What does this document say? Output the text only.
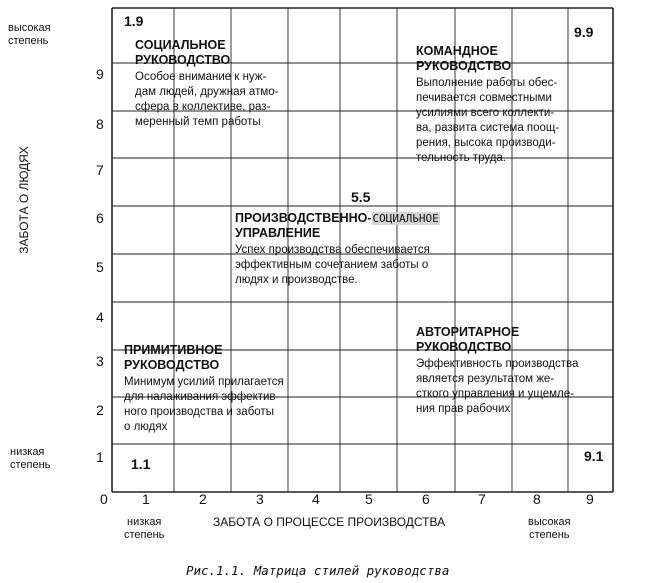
высокая
степень
ЗАБОТА О ЛЮДЯХ
низкая
степень
9
8
7
6
5
4
3
2
1
1	2	3	4	5	6	7	8	9
0
низкая
степень
ЗАБОТА О ПРОЦЕССЕ ПРОИЗВОДСТВА	высокая
степень
1.9
9.9
5.5
1.1	9.1
СОЦИАЛЬНОЕ
РУКОВОДСТВО
Особое внимание к нуж-
дам людей, дружная атмо-
сфера в коллективе, раз-
меренный темп работы
КОМАНДНОЕ
РУКОВОДСТВО
Выполнение работы обес-
печивается совместными
усилиями всего коллекти-
ва, развита система поощ-
рения, высока производи-
тельность труда.
ПРОИЗВОДСТВЕННО-СОЦИАЛЬНОЕ
УПРАВЛЕНИЕ
Успех производства обеспечивается
эффективным сочетанием заботы о
людях и производстве.
ПРИМИТИВНОЕ
РУКОВОДСТВО
Минимум усилий прилагается
для налаживания эффектив-
ного производства и заботы
о людях
АВТОРИТАРНОЕ
РУКОВОДСТВО
Эффективность производства
является результатом же-
сткого управления и ущемле-
ния прав рабочих
Рис.1.1. Матрица стилей руководства
